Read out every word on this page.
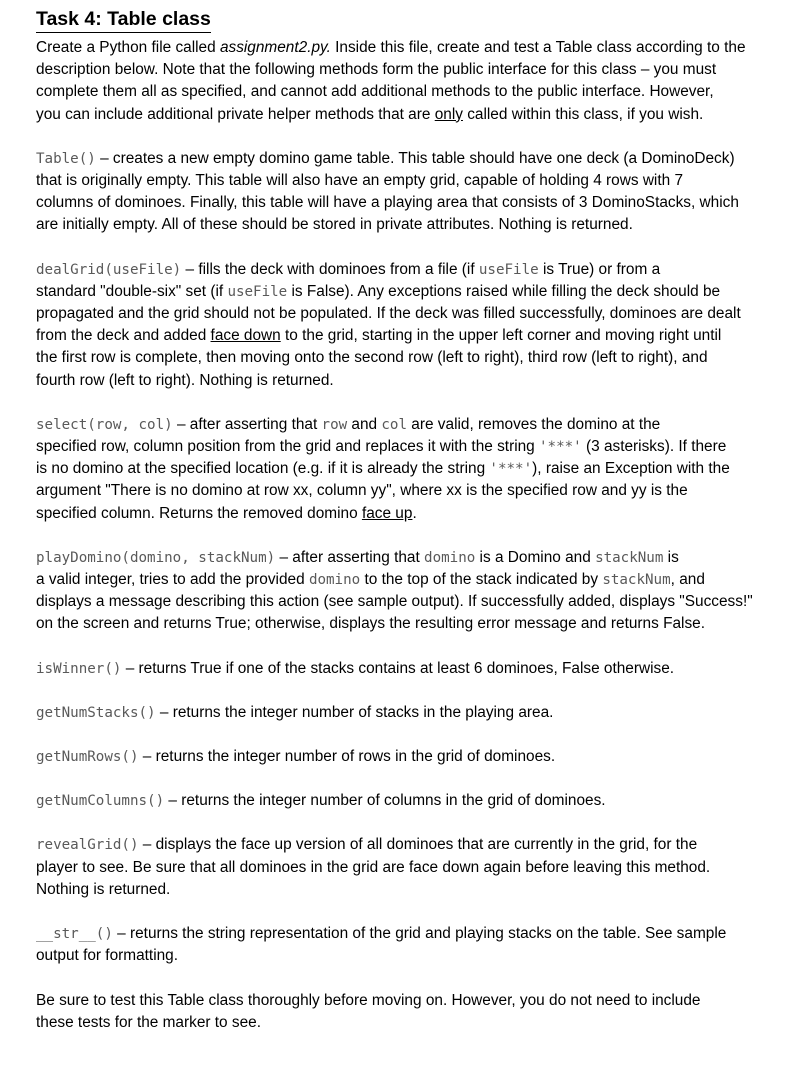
Task 4: Table class

Create a Python file called assignment2.py. Inside this file, create and test a Table class according to the
description below. Note that the following methods form the public interface for this class – you must
complete them all as specified, and cannot add additional methods to the public interface. However,
you can include additional private helper methods that are only called within this class, if you wish.

Table() – creates a new empty domino game table. This table should have one deck (a DominoDeck)
that is originally empty. This table will also have an empty grid, capable of holding 4 rows with 7
columns of dominoes. Finally, this table will have a playing area that consists of 3 DominoStacks, which
are initially empty. All of these should be stored in private attributes. Nothing is returned.

dealGrid(useFile) – fills the deck with dominoes from a file (if useFile is True) or from a
standard "double-six" set (if useFile is False). Any exceptions raised while filling the deck should be
propagated and the grid should not be populated. If the deck was filled successfully, dominoes are dealt
from the deck and added face down to the grid, starting in the upper left corner and moving right until
the first row is complete, then moving onto the second row (left to right), third row (left to right), and
fourth row (left to right). Nothing is returned.

select(row, col) – after asserting that row and col are valid, removes the domino at the
specified row, column position from the grid and replaces it with the string '***' (3 asterisks). If there
is no domino at the specified location (e.g. if it is already the string '***'), raise an Exception with the
argument "There is no domino at row xx, column yy", where xx is the specified row and yy is the
specified column. Returns the removed domino face up.

playDomino(domino, stackNum) – after asserting that domino is a Domino and stackNum is
a valid integer, tries to add the provided domino to the top of the stack indicated by stackNum, and
displays a message describing this action (see sample output). If successfully added, displays "Success!"
on the screen and returns True; otherwise, displays the resulting error message and returns False.

isWinner() – returns True if one of the stacks contains at least 6 dominoes, False otherwise.

getNumStacks() – returns the integer number of stacks in the playing area.

getNumRows() – returns the integer number of rows in the grid of dominoes.

getNumColumns() – returns the integer number of columns in the grid of dominoes.

revealGrid() – displays the face up version of all dominoes that are currently in the grid, for the
player to see. Be sure that all dominoes in the grid are face down again before leaving this method.
Nothing is returned.

__str__() – returns the string representation of the grid and playing stacks on the table. See sample
output for formatting.

Be sure to test this Table class thoroughly before moving on. However, you do not need to include
these tests for the marker to see.
